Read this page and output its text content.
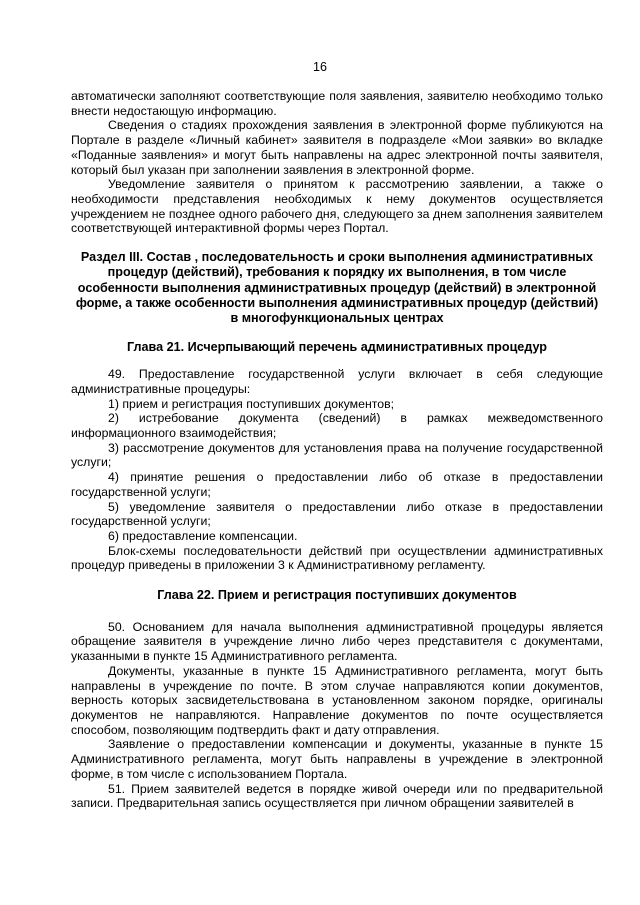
16

автоматически заполняют соответствующие поля заявления, заявителю необходимо только внести недостающую информацию.

Сведения о стадиях прохождения заявления в электронной форме публикуются на Портале в разделе «Личный кабинет» заявителя в подразделе «Мои заявки» во вкладке «Поданные заявления» и могут быть направлены на адрес электронной почты заявителя, который был указан при заполнении заявления в электронной форме.

Уведомление заявителя о принятом к рассмотрению заявлении, а также о необходимости представления необходимых к нему документов осуществляется учреждением не позднее одного рабочего дня, следующего за днем заполнения заявителем соответствующей интерактивной формы через Портал.

Раздел III. Состав , последовательность и сроки выполнения административных процедур (действий), требования к порядку их выполнения, в том числе особенности выполнения административных процедур (действий) в электронной форме, а также особенности выполнения административных процедур (действий) в многофункциональных центрах
Глава 21. Исчерпывающий перечень административных процедур

49. Предоставление государственной услуги включает в себя следующие административные процедуры:

1) прием и регистрация поступивших документов;

2) истребование документа (сведений) в рамках межведомственного информационного взаимодействия;

3) рассмотрение документов для установления права на получение государственной услуги;

4) принятие решения о предоставлении либо об отказе в предоставлении государственной услуги;

5) уведомление заявителя о предоставлении либо отказе в предоставлении государственной услуги;

6) предоставление компенсации.

Блок-схемы последовательности действий при осуществлении административных процедур приведены в приложении 3 к Административному регламенту.

Глава 22. Прием и регистрация поступивших документов

50. Основанием для начала выполнения административной процедуры является обращение заявителя в учреждение лично либо через представителя с документами, указанными в пункте 15 Административного регламента.

Документы, указанные в пункте 15 Административного регламента, могут быть направлены в учреждение по почте. В этом случае направляются копии документов, верность которых засвидетельствована в установленном законом порядке, оригиналы документов не направляются. Направление документов по почте осуществляется способом, позволяющим подтвердить факт и дату отправления.

Заявление о предоставлении компенсации и документы, указанные в пункте 15 Административного регламента, могут быть направлены в учреждение в электронной форме, в том числе с использованием Портала.

51. Прием заявителей ведется в порядке живой очереди или по предварительной записи. Предварительная запись осуществляется при личном обращении заявителей в
